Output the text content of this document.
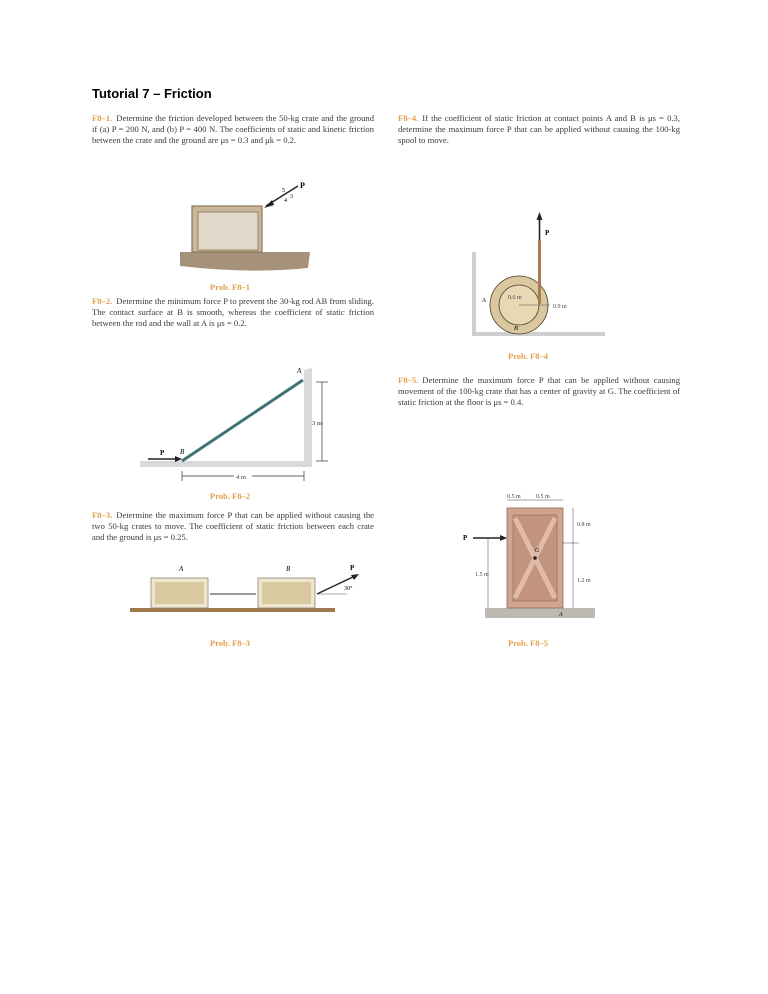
Tutorial 7 – Friction
F8–1. Determine the friction developed between the 50-kg crate and the ground if (a) P = 200 N, and (b) P = 400 N. The coefficients of static and kinetic friction between the crate and the ground are μs = 0.3 and μk = 0.2.
P
5
3
4
Prob. F8–1
F8–2. Determine the minimum force P to prevent the 30-kg rod AB from sliding. The contact surface at B is smooth, whereas the coefficient of static friction between the rod and the wall at A is μs = 0.2.
P B
A
3 m
4 m
Prob. F8–2
F8–3. Determine the maximum force P that can be applied without causing the two 50-kg crates to move. The coefficient of static friction between each crate and the ground is μs = 0.25.
A	B	P
30°
Prob. F8–3
F8–4. If the coefficient of static friction at contact points A and B is μs = 0.3, determine the maximum force P that can be applied without causing the 100-kg spool to move.
P
0.9 m
0.6 m
A
B
Prob. F8–4
F8–5. Determine the maximum force P that can be applied without causing movement of the 100-kg crate that has a center of gravity at G. The coefficient of static friction at the floor is μs = 0.4.
G
P
1.5 m
0.5 m	0.5 m
0.8 m
1.2 m
A
Prob. F8–5
